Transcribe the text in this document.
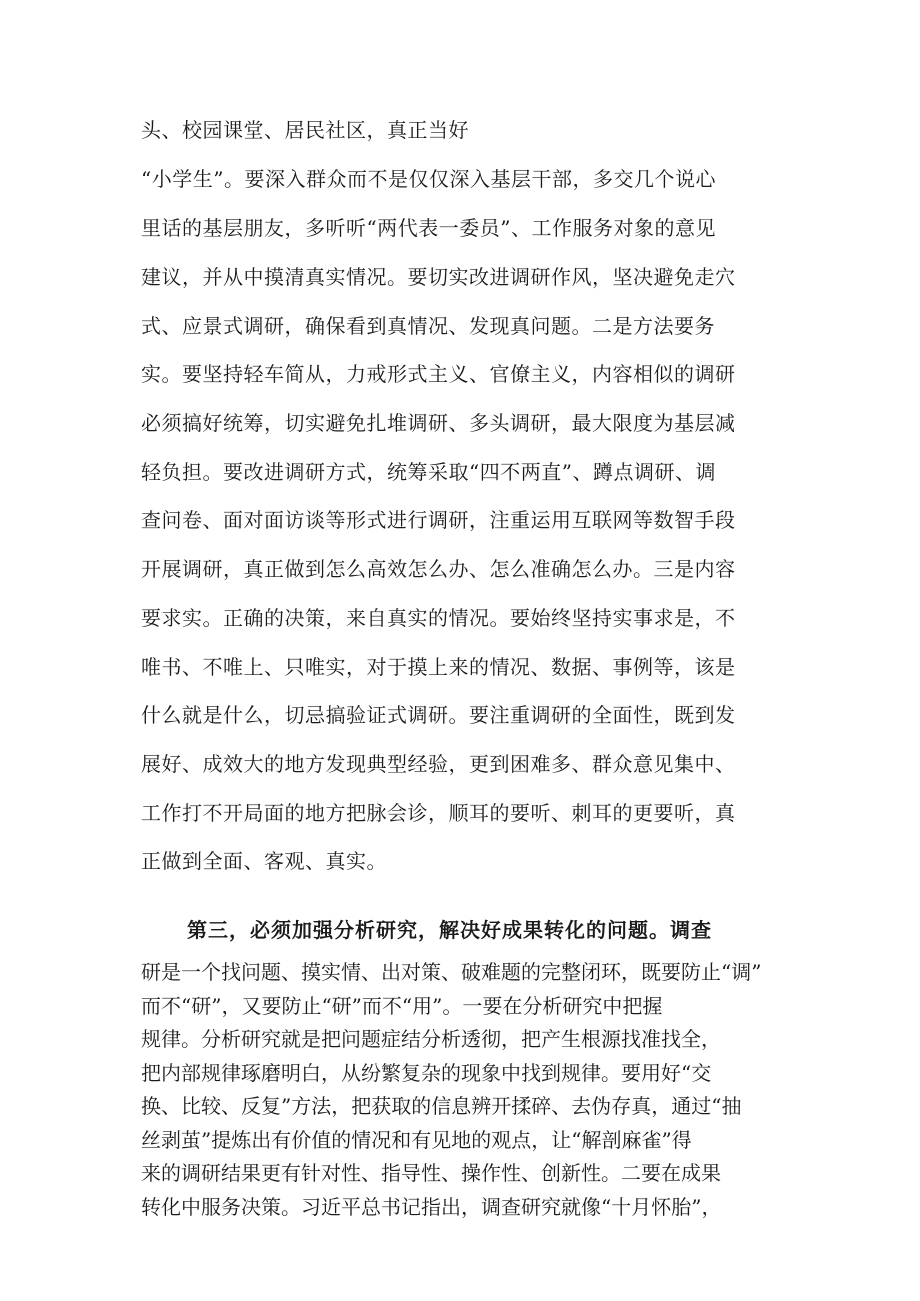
头、校园课堂、居民社区，真正当好
“小学生”。要深入群众而不是仅仅深入基层干部，多交几个说心
里话的基层朋友，多听听“两代表一委员”、工作服务对象的意见
建议，并从中摸清真实情况。要切实改进调研作风，坚决避免走穴
式、应景式调研，确保看到真情况、发现真问题。二是方法要务
实。要坚持轻车简从，力戒形式主义、官僚主义，内容相似的调研
必须搞好统筹，切实避免扎堆调研、多头调研，最大限度为基层减
轻负担。要改进调研方式，统筹采取“四不两直”、蹲点调研、调
查问卷、面对面访谈等形式进行调研，注重运用互联网等数智手段
开展调研，真正做到怎么高效怎么办、怎么准确怎么办。三是内容
要求实。正确的决策，来自真实的情况。要始终坚持实事求是，不
唯书、不唯上、只唯实，对于摸上来的情况、数据、事例等，该是
什么就是什么，切忌搞验证式调研。要注重调研的全面性，既到发
展好、成效大的地方发现典型经验，更到困难多、群众意见集中、
工作打不开局面的地方把脉会诊，顺耳的要听、刺耳的更要听，真
正做到全面、客观、真实。
第三，必须加强分析研究，解决好成果转化的问题。调查
研是一个找问题、摸实情、出对策、破难题的完整闭环，既要防止“调”
而不“研”，又要防止“研”而不“用”。一要在分析研究中把握
规律。分析研究就是把问题症结分析透彻，把产生根源找准找全，
把内部规律琢磨明白，从纷繁复杂的现象中找到规律。要用好“交
换、比较、反复”方法，把获取的信息辨开揉碎、去伪存真，通过“抽
丝剥茧”提炼出有价值的情况和有见地的观点，让“解剖麻雀”得
来的调研结果更有针对性、指导性、操作性、创新性。二要在成果
转化中服务决策。习近平总书记指出，调查研究就像“十月怀胎”，
